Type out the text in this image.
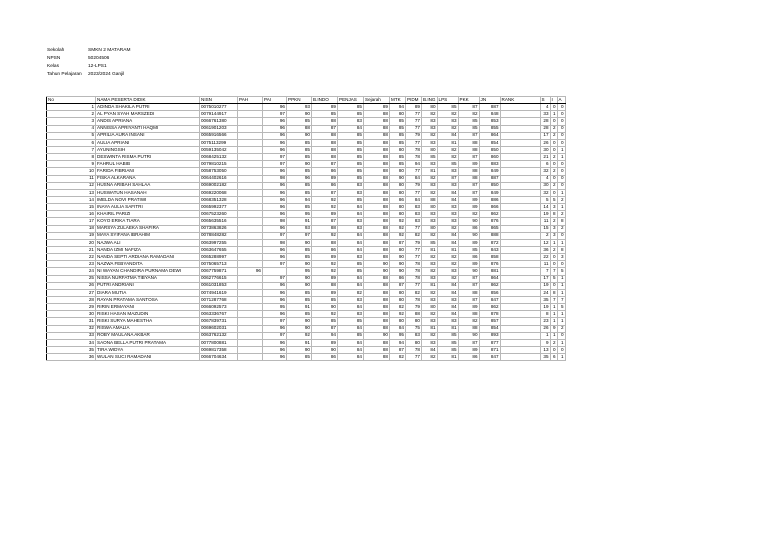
Sekolah	SMKN 2 MATARAM
NPSN	50204506
Kelas	12-LPS1
Tahun Pelajaran	2023/2024 Ganjil
No	NAMA PESERTA DIDIK	NISN	PAH	PAI	PPKN	B.INDO	PENJAS	Sejarah	MTK	PIDM	B.ING	LPS	PKK	JN	RANK	S	I	A
1	ADINDA SHAKILA PUTRI	0075010277		96	93	89	85	89	94	89	80	85	87	887		4	0	0
2	AL PYAN SYAH MARSZEDI	0079144917		97	90	85	85	88	80	77	82	82	82	848		33	1	0
3	ANDIS APRIANA	0066761380		96	85	88	83	88	85	77	83	83	85	853		28	0	0
4	ANNISSA APRIYANTI HAQMI	0061901203		96	88	87	84	88	85	77	83	82	85	855		28	2	0
5	APRILIA AURA INSANI	0065916566		96	90	88	85	88	85	79	82	84	87	864		17	2	0
6	AULIA APRIANI	0075113299		96	85	88	85	88	85	77	83	81	88	854		26	0	0
7	AYUNINGSIH	0059135042		96	85	88	85	88	80	78	80	82	88	850		30	0	1
8	DESWINTA RISMA PUTRI	0068425132		97	85	88	85	88	85	78	85	82	87	860		21	2	1
9	FAHRUL HABIB	0079810215		97	90	87	85	88	85	94	83	85	89	883		6	0	0
10	FARIDA FIBRIANI	0058753050		96	85	86	85	88	80	77	81	83	88	849		32	2	0
11	FISKA ALKARANA	0064402616		98	96	89	85	88	90	84	82	87	88	887		4	0	0
12	HUSNA ARIBAH SAHLAA	0069002182		96	85	86	83	88	80	79	83	83	87	850		30	2	0
13	HUSWATUN HASANAH	0069220068		96	85	87	83	88	80	77	82	84	87	849		32	0	1
14	IMELDA NOVI PRATIWI	0068351328		96	94	92	85	88	86	84	88	84	89	886		5	5	2
15	INAYA AULIA SAFITRI	0065992377		96	85	92	84	88	80	83	80	83	89	866		14	3	1
16	KHAIRIL PARIZI	0067523260		96	95	89	84	88	80	83	83	83	82	862		19	8	2
17	KOYO ERIKA TIARA	0065635516		98	91	87	83	88	92	83	83	83	90	876		11	2	8
18	MARSYA ZULAEKA SHAFIRA	0073863826		96	93	88	83	88	92	77	80	82	86	865		15	3	2
19	MAYA SYIFANA IBRAHIM	0078848282		97	97	92	84	88	92	82	82	84	90	888		2	3	0
20	NAJWA ALI	0063997255		98	90	88	84	88	87	79	85	84	89	872		12	1	1
21	NANDA IZMI NAFIZA	0063647655		96	85	86	84	88	80	77	81	81	85	843		36	2	8
22	NANDA SEPTI ARDIANA RAMADANI	0065288997		96	85	89	83	88	90	77	82	82	86	858		22	0	3
23	NAZWA FEBYANDITA	0075065713		97	90	92	85	90	90	78	83	82	89	876		11	0	0
24	NI WAYAN CHANDIRA PURNAMA DEWI	0067759871	96		95	92	85	90	90	78	82	83	90	881		7	7	5
25	NISSA NURFATMA TIBYANA	0062776615		97	90	89	84	88	86	78	83	82	87	864		17	5	1
26	PUTRI ANDRIANI	0061031853		96	90	88	84	88	87	77	81	84	87	862		19	0	1
27	DIARA MUTIA	0074941619		96	85	89	82	88	80	82	82	84	88	856		24	8	1
28	RAYAN PRATAMA SANTOSA	0071287768		96	85	85	83	88	80	78	83	83	87	847		35	7	7
29	RIRIN ERMAYANI	0066092573		95	91	90	84	88	82	79	80	84	89	862		19	1	5
30	RISKI HASAN MAZUDIN	0063336767		96	85	92	83	88	92	88	82	84	88	878		8	1	1
31	RISKI SURYA MAHESTHA	0067839731		97	90	85	85	88	80	80	83	83	82	857		23	1	1
32	RISWA AMALIA	0069602031		96	90	87	84	88	84	75	81	81	88	854		26	9	2
33	ROBY MAULANA AKBAR	0063762132		97	92	94	85	90	95	83	82	85	90	893		1	1	0
34	SAONA BELLA PUTRI PRATAMA	0077800881		96	91	89	84	88	94	80	83	85	87	877		9	2	1
35	TIRA WIDYA	0069817358		96	90	90	84	88	87	78	84	85	89	871		13	0	0
36	WULAN SUCI RAMADANI	0066704634		96	85	86	84	88	82	77	82	81	86	847		35	6	1
